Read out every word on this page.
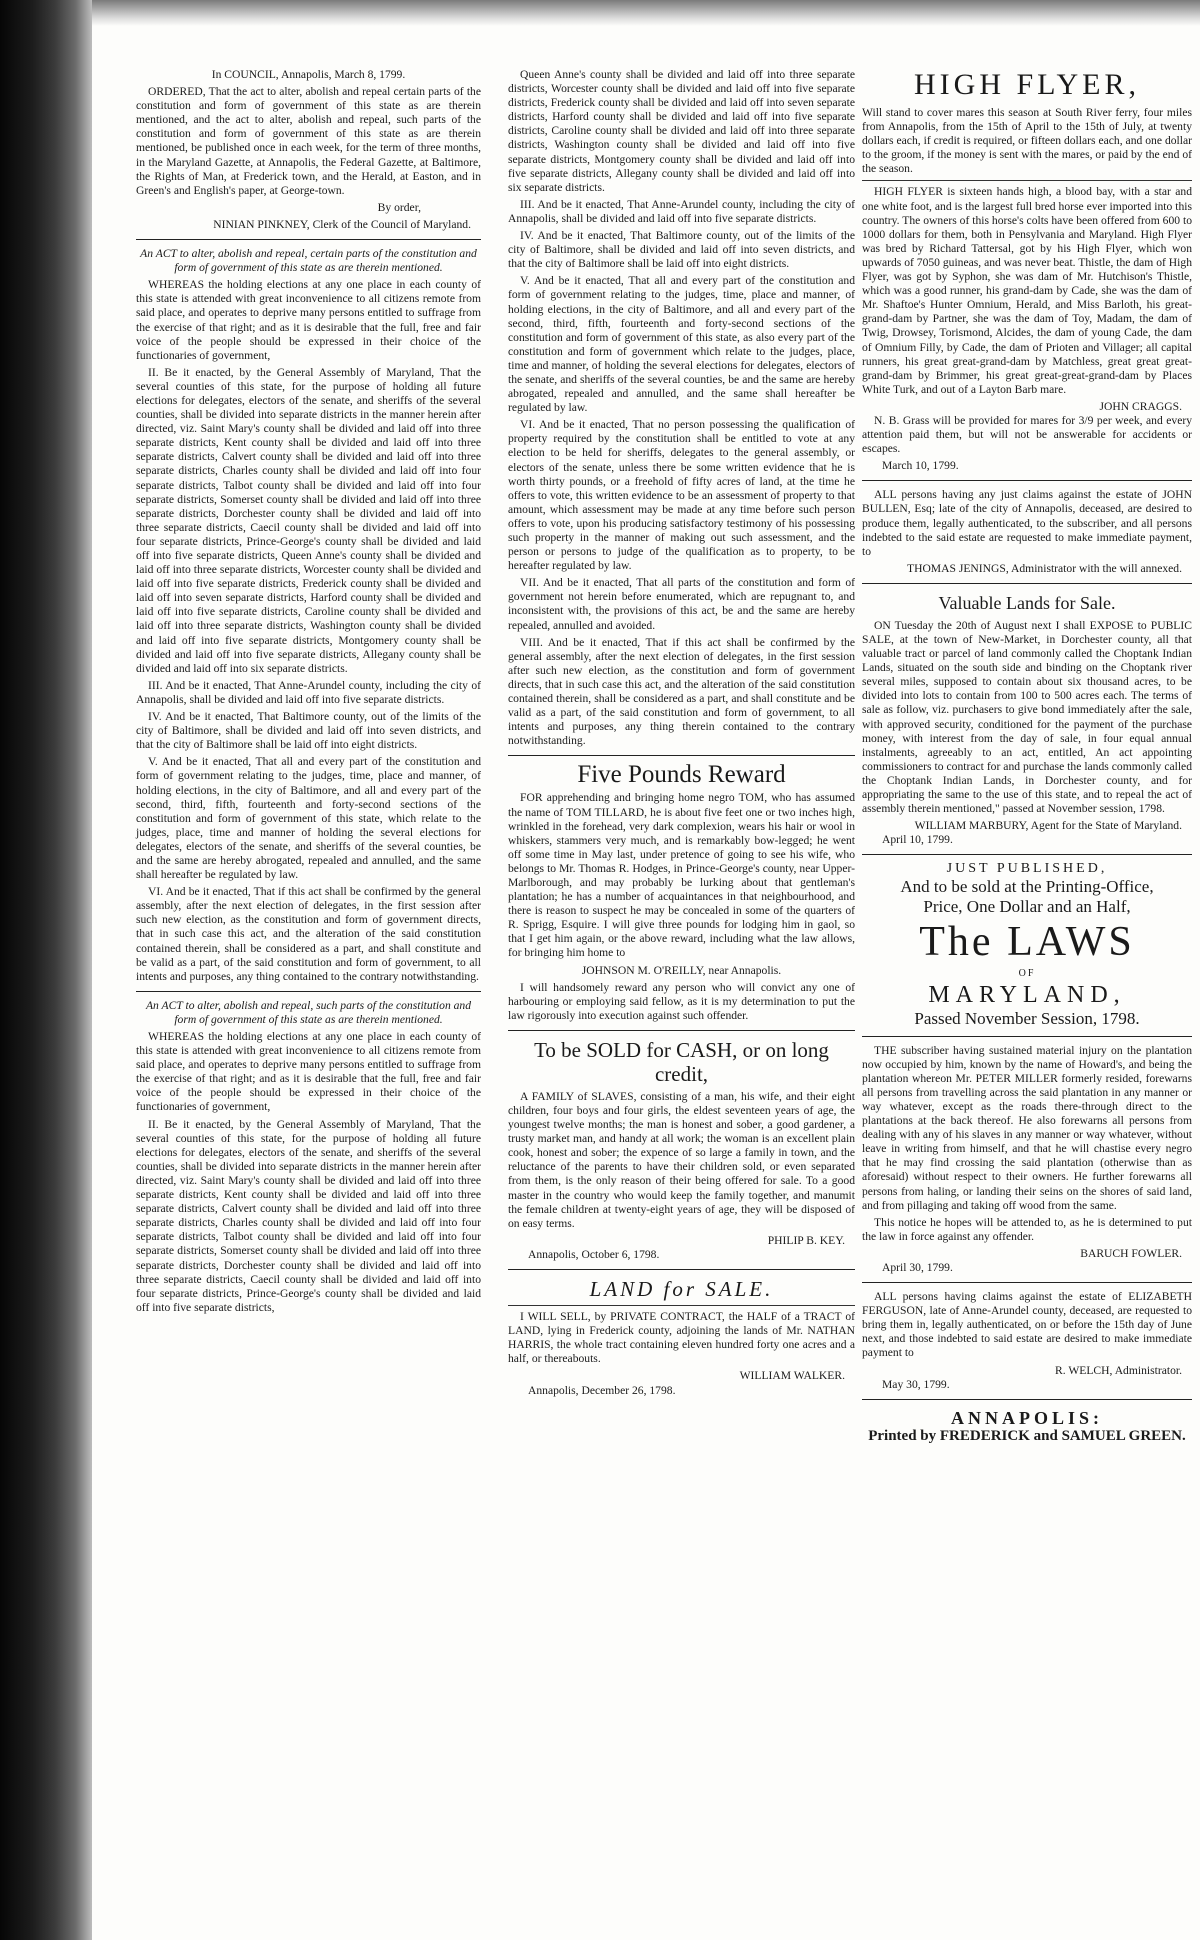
In COUNCIL, Annapolis, March 8, 1799.

ORDERED, That the act to alter, abolish and repeal certain parts of the constitution and form of government of this state as are therein mentioned, and the act to alter, abolish and repeal, such parts of the constitution and form of government of this state as are therein mentioned, be published once in each week, for the term of three months, in the Maryland Gazette, at Annapolis, the Federal Gazette, at Baltimore, the Rights of Man, at Frederick town, and the Herald, at Easton, and in Green's and English's paper, at George-town.

By order,

NINIAN PINKNEY, Clerk of the Council of Maryland.

An ACT to alter, abolish and repeal, certain parts of the constitution and form of government of this state as are therein mentioned.

WHEREAS the holding elections at any one place in each county of this state is attended with great inconvenience to all citizens remote from said place, and operates to deprive many persons entitled to suffrage from the exercise of that right; and as it is desirable that the full, free and fair voice of the people should be expressed in their choice of the functionaries of government,

II. Be it enacted, by the General Assembly of Maryland, That the several counties of this state, for the purpose of holding all future elections for delegates, electors of the senate, and sheriffs of the several counties, shall be divided into separate districts in the manner herein after directed, viz. Saint Mary's county shall be divided and laid off into three separate districts, Kent county shall be divided and laid off into three separate districts, Calvert county shall be divided and laid off into three separate districts, Charles county shall be divided and laid off into four separate districts, Talbot county shall be divided and laid off into four separate districts, Somerset county shall be divided and laid off into three separate districts, Dorchester county shall be divided and laid off into three separate districts, Caecil county shall be divided and laid off into four separate districts, Prince-George's county shall be divided and laid off into five separate districts, Queen Anne's county shall be divided and laid off into three separate districts, Worcester county shall be divided and laid off into five separate districts, Frederick county shall be divided and laid off into seven separate districts, Harford county shall be divided and laid off into five separate districts, Caroline county shall be divided and laid off into three separate districts, Washington county shall be divided and laid off into five separate districts, Montgomery county shall be divided and laid off into five separate districts, Allegany county shall be divided and laid off into six separate districts.

III. And be it enacted, That Anne-Arundel county, including the city of Annapolis, shall be divided and laid off into five separate districts.

IV. And be it enacted, That Baltimore county, out of the limits of the city of Baltimore, shall be divided and laid off into seven districts, and that the city of Baltimore shall be laid off into eight districts.

V. And be it enacted, That all and every part of the constitution and form of government relating to the judges, time, place and manner, of holding elections, in the city of Baltimore, and all and every part of the second, third, fifth, fourteenth and forty-second sections of the constitution and form of government of this state, which relate to the judges, place, time and manner of holding the several elections for delegates, electors of the senate, and sheriffs of the several counties, be and the same are hereby abrogated, repealed and annulled, and the same shall hereafter be regulated by law.

VI. And be it enacted, That if this act shall be confirmed by the general assembly, after the next election of delegates, in the first session after such new election, as the constitution and form of government directs, that in such case this act, and the alteration of the said constitution contained therein, shall be considered as a part, and shall constitute and be valid as a part, of the said constitution and form of government, to all intents and purposes, any thing contained to the contrary notwithstanding.

An ACT to alter, abolish and repeal, such parts of the constitution and form of government of this state as are therein mentioned.

WHEREAS the holding elections at any one place in each county of this state is attended with great inconvenience to all citizens remote from said place, and operates to deprive many persons entitled to suffrage from the exercise of that right; and as it is desirable that the full, free and fair voice of the people should be expressed in their choice of the functionaries of government,

II. Be it enacted, by the General Assembly of Maryland, That the several counties of this state, for the purpose of holding all future elections for delegates, electors of the senate, and sheriffs of the several counties, shall be divided into separate districts in the manner herein after directed, viz. Saint Mary's county shall be divided and laid off into three separate districts, Kent county shall be divided and laid off into three separate districts, Calvert county shall be divided and laid off into three separate districts, Charles county shall be divided and laid off into four separate districts, Talbot county shall be divided and laid off into four separate districts, Somerset county shall be divided and laid off into three separate districts, Dorchester county shall be divided and laid off into three separate districts, Caecil county shall be divided and laid off into four separate districts, Prince-George's county shall be divided and laid off into five separate districts,

Queen Anne's county shall be divided and laid off into three separate districts, Worcester county shall be divided and laid off into five separate districts, Frederick county shall be divided and laid off into seven separate districts, Harford county shall be divided and laid off into five separate districts, Caroline county shall be divided and laid off into three separate districts, Washington county shall be divided and laid off into five separate districts, Montgomery county shall be divided and laid off into five separate districts, Allegany county shall be divided and laid off into six separate districts.

III. And be it enacted, That Anne-Arundel county, including the city of Annapolis, shall be divided and laid off into five separate districts.

IV. And be it enacted, That Baltimore county, out of the limits of the city of Baltimore, shall be divided and laid off into seven districts, and that the city of Baltimore shall be laid off into eight districts.

V. And be it enacted, That all and every part of the constitution and form of government relating to the judges, time, place and manner, of holding elections, in the city of Baltimore, and all and every part of the second, third, fifth, fourteenth and forty-second sections of the constitution and form of government of this state, as also every part of the constitution and form of government which relate to the judges, place, time and manner, of holding the several elections for delegates, electors of the senate, and sheriffs of the several counties, be and the same are hereby abrogated, repealed and annulled, and the same shall hereafter be regulated by law.

VI. And be it enacted, That no person possessing the qualification of property required by the constitution shall be entitled to vote at any election to be held for sheriffs, delegates to the general assembly, or electors of the senate, unless there be some written evidence that he is worth thirty pounds, or a freehold of fifty acres of land, at the time he offers to vote, this written evidence to be an assessment of property to that amount, which assessment may be made at any time before such person offers to vote, upon his producing satisfactory testimony of his possessing such property in the manner of making out such assessment, and the person or persons to judge of the qualification as to property, to be hereafter regulated by law.

VII. And be it enacted, That all parts of the constitution and form of government not herein before enumerated, which are repugnant to, and inconsistent with, the provisions of this act, be and the same are hereby repealed, annulled and avoided.

VIII. And be it enacted, That if this act shall be confirmed by the general assembly, after the next election of delegates, in the first session after such new election, as the constitution and form of government directs, that in such case this act, and the alteration of the said constitution contained therein, shall be considered as a part, and shall constitute and be valid as a part, of the said constitution and form of government, to all intents and purposes, any thing therein contained to the contrary notwithstanding.

Five Pounds Reward

FOR apprehending and bringing home negro TOM, who has assumed the name of TOM TILLARD, he is about five feet one or two inches high, wrinkled in the forehead, very dark complexion, wears his hair or wool in whiskers, stammers very much, and is remarkably bow-legged; he went off some time in May last, under pretence of going to see his wife, who belongs to Mr. Thomas R. Hodges, in Prince-George's county, near Upper-Marlborough, and may probably be lurking about that gentleman's plantation; he has a number of acquaintances in that neighbourhood, and there is reason to suspect he may be concealed in some of the quarters of R. Sprigg, Esquire. I will give three pounds for lodging him in gaol, so that I get him again, or the above reward, including what the law allows, for bringing him home to

JOHNSON M. O'REILLY, near Annapolis.

I will handsomely reward any person who will convict any one of harbouring or employing said fellow, as it is my determination to put the law rigorously into execution against such offender.

To be SOLD for CASH, or on long credit,

A FAMILY of SLAVES, consisting of a man, his wife, and their eight children, four boys and four girls, the eldest seventeen years of age, the youngest twelve months; the man is honest and sober, a good gardener, a trusty market man, and handy at all work; the woman is an excellent plain cook, honest and sober; the expence of so large a family in town, and the reluctance of the parents to have their children sold, or even separated from them, is the only reason of their being offered for sale. To a good master in the country who would keep the family together, and manumit the female children at twenty-eight years of age, they will be disposed of on easy terms.

PHILIP B. KEY.

Annapolis, October 6, 1798.

LAND for SALE.

I WILL SELL, by PRIVATE CONTRACT, the HALF of a TRACT of LAND, lying in Frederick county, adjoining the lands of Mr. NATHAN HARRIS, the whole tract containing eleven hundred forty one acres and a half, or thereabouts.

WILLIAM WALKER.

Annapolis, December 26, 1798.

HIGH FLYER,

Will stand to cover mares this season at South River ferry, four miles from Annapolis, from the 15th of April to the 15th of July, at twenty dollars each, if credit is required, or fifteen dollars each, and one dollar to the groom, if the money is sent with the mares, or paid by the end of the season.

HIGH FLYER is sixteen hands high, a blood bay, with a star and one white foot, and is the largest full bred horse ever imported into this country. The owners of this horse's colts have been offered from 600 to 1000 dollars for them, both in Pensylvania and Maryland. High Flyer was bred by Richard Tattersal, got by his High Flyer, which won upwards of 7050 guineas, and was never beat. Thistle, the dam of High Flyer, was got by Syphon, she was dam of Mr. Hutchison's Thistle, which was a good runner, his grand-dam by Cade, she was the dam of Mr. Shaftoe's Hunter Omnium, Herald, and Miss Barloth, his great-grand-dam by Partner, she was the dam of Toy, Madam, the dam of Twig, Drowsey, Torismond, Alcides, the dam of young Cade, the dam of Omnium Filly, by Cade, the dam of Prioten and Villager; all capital runners, his great great-grand-dam by Matchless, great great great-grand-dam by Brimmer, his great great-great-grand-dam by Places White Turk, and out of a Layton Barb mare.

JOHN CRAGGS.

N. B. Grass will be provided for mares for 3/9 per week, and every attention paid them, but will not be answerable for accidents or escapes.

March 10, 1799.

ALL persons having any just claims against the estate of JOHN BULLEN, Esq; late of the city of Annapolis, deceased, are desired to produce them, legally authenticated, to the subscriber, and all persons indebted to the said estate are requested to make immediate payment, to

THOMAS JENINGS, Administrator with the will annexed.

Valuable Lands for Sale.

ON Tuesday the 20th of August next I shall EXPOSE to PUBLIC SALE, at the town of New-Market, in Dorchester county, all that valuable tract or parcel of land commonly called the Choptank Indian Lands, situated on the south side and binding on the Choptank river several miles, supposed to contain about six thousand acres, to be divided into lots to contain from 100 to 500 acres each. The terms of sale as follow, viz. purchasers to give bond immediately after the sale, with approved security, conditioned for the payment of the purchase money, with interest from the day of sale, in four equal annual instalments, agreeably to an act, entitled, An act appointing commissioners to contract for and purchase the lands commonly called the Choptank Indian Lands, in Dorchester county, and for appropriating the same to the use of this state, and to repeal the act of assembly therein mentioned," passed at November session, 1798.

WILLIAM MARBURY, Agent for the State of Maryland.

April 10, 1799.

JUST PUBLISHED,
And to be sold at the Printing-Office,
Price, One Dollar and an Half,
The LAWS
OF
MARYLAND,
Passed November Session, 1798.

THE subscriber having sustained material injury on the plantation now occupied by him, known by the name of Howard's, and being the plantation whereon Mr. PETER MILLER formerly resided, forewarns all persons from travelling across the said plantation in any manner or way whatever, except as the roads there-through direct to the plantations at the back thereof. He also forewarns all persons from dealing with any of his slaves in any manner or way whatever, without leave in writing from himself, and that he will chastise every negro that he may find crossing the said plantation (otherwise than as aforesaid) without respect to their owners. He further forewarns all persons from haling, or landing their seins on the shores of said land, and from pillaging and taking off wood from the same.

This notice he hopes will be attended to, as he is determined to put the law in force against any offender.

BARUCH FOWLER.

April 30, 1799.

ALL persons having claims against the estate of ELIZABETH FERGUSON, late of Anne-Arundel county, deceased, are requested to bring them in, legally authenticated, on or before the 15th day of June next, and those indebted to said estate are desired to make immediate payment to

R. WELCH, Administrator.

May 30, 1799.

ANNAPOLIS:
Printed by FREDERICK and SAMUEL GREEN.
